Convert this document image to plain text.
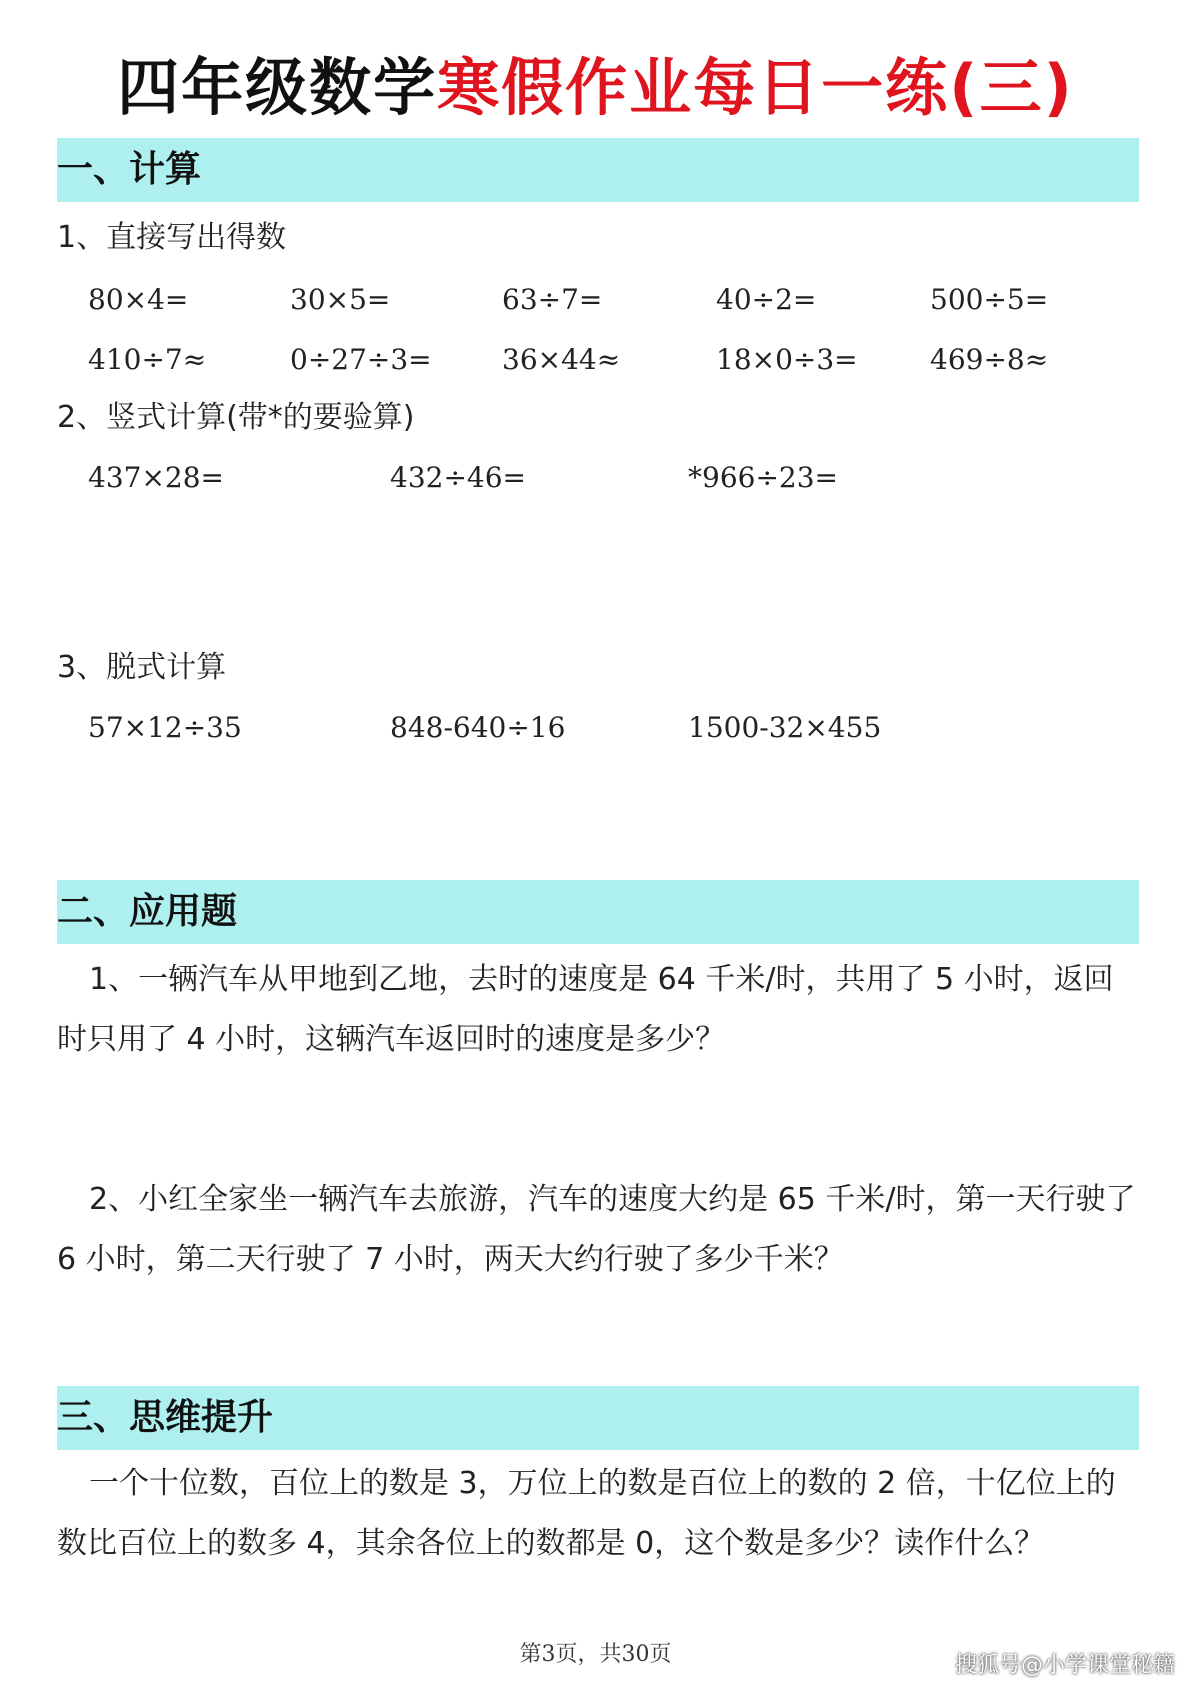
四年级数学寒假作业每日一练(三)
一、计算
1、直接写出得数
80×4=	30×5=	63÷7=	40÷2=	500÷5=
410÷7≈	0÷27÷3=	36×44≈	18×0÷3=	469÷8≈
2、竖式计算(带*的要验算)
437×28=	432÷46=	*966÷23=
3、脱式计算
57×12÷35	848-640÷16	1500-32×455
二、应用题
1、一辆汽车从甲地到乙地，去时的速度是 64 千米/时，共用了 5 小时，返回时只用了 4 小时，这辆汽车返回时的速度是多少？
2、小红全家坐一辆汽车去旅游，汽车的速度大约是 65 千米/时，第一天行驶了 6 小时，第二天行驶了 7 小时，两天大约行驶了多少千米？
三、思维提升
一个十位数，百位上的数是 3，万位上的数是百位上的数的 2 倍，十亿位上的数比百位上的数多 4，其余各位上的数都是 0，这个数是多少？读作什么？
第3页，共30页	搜狐号@小学课堂秘籍
